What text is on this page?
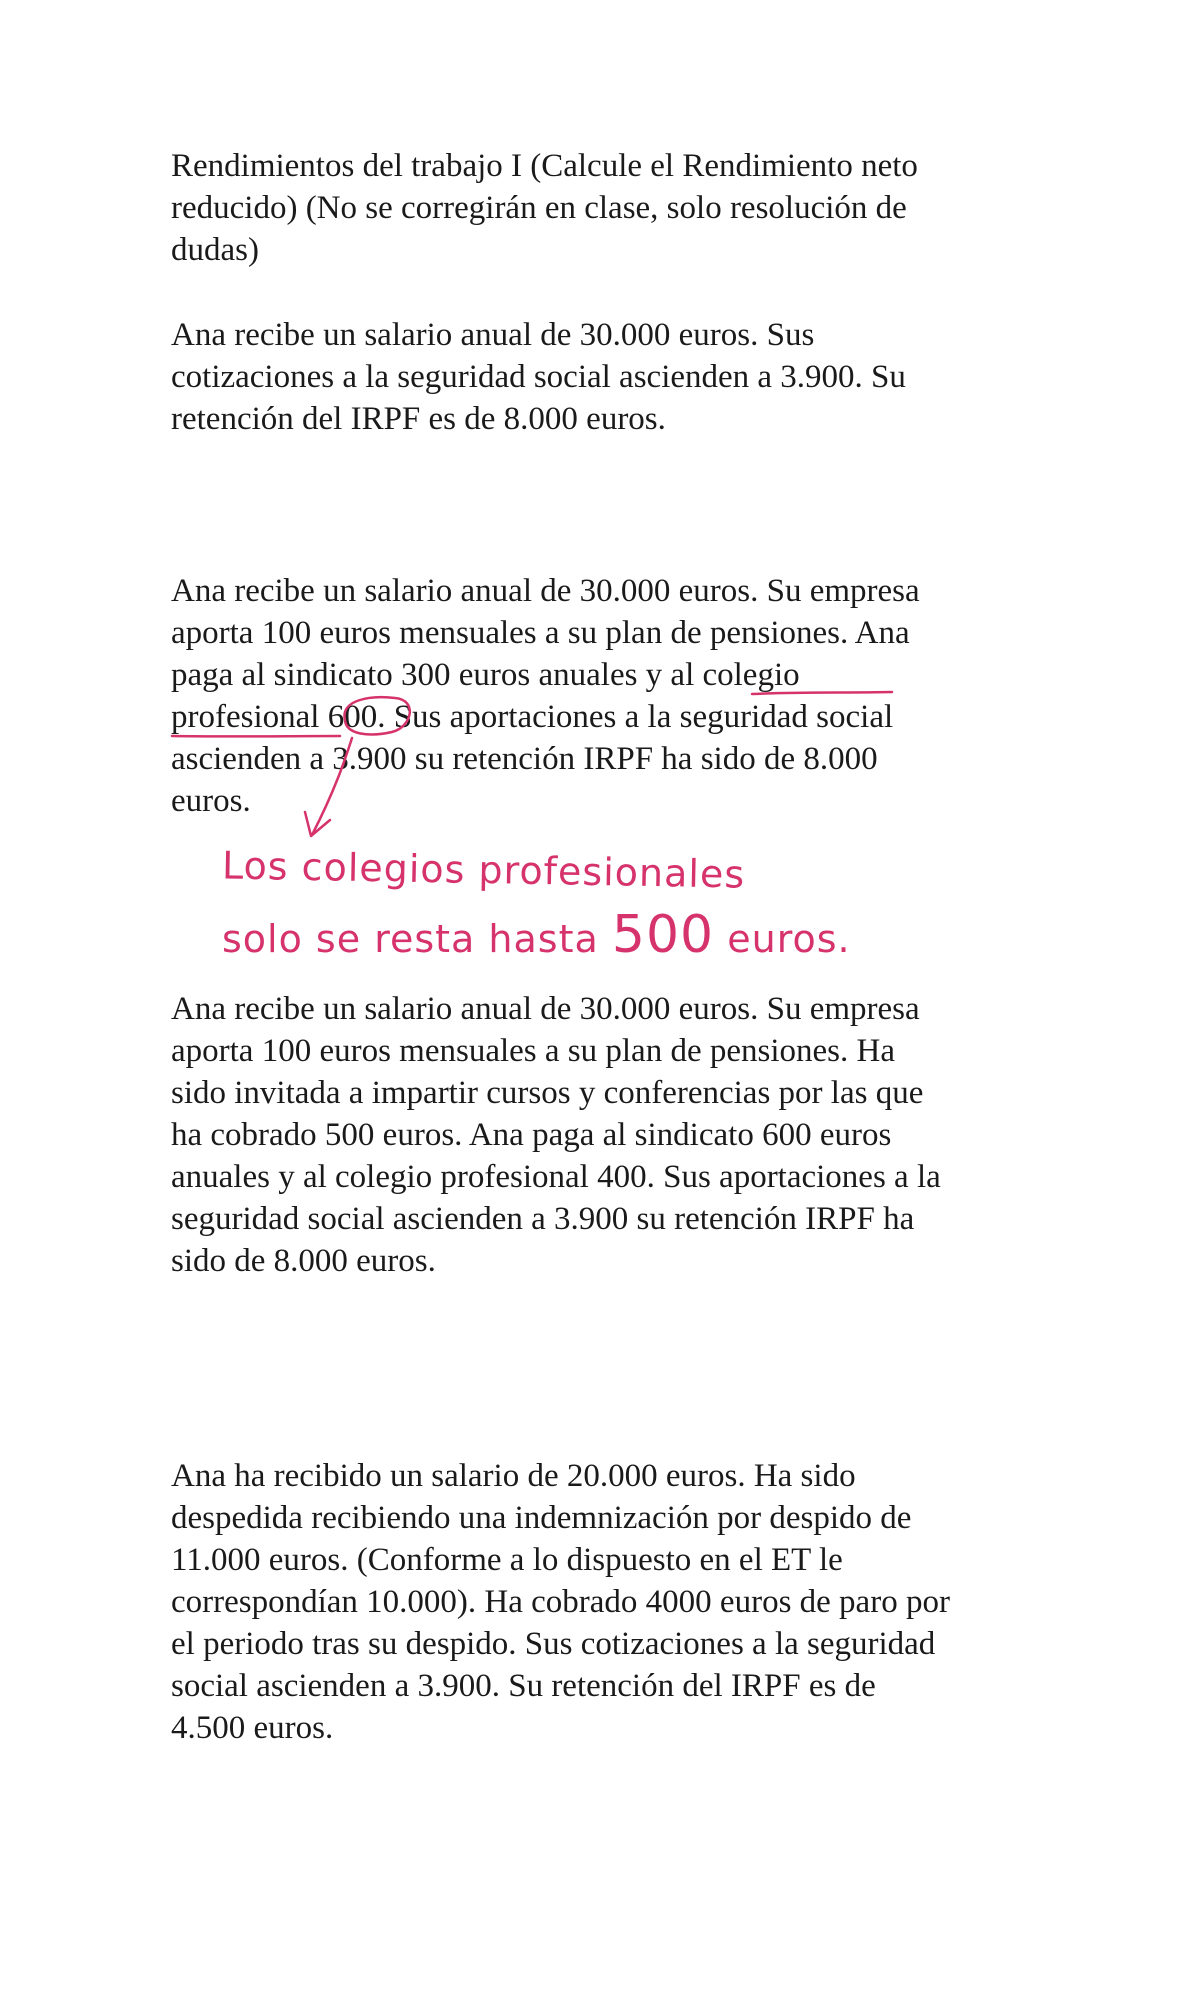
Rendimientos del trabajo I (Calcule el Rendimiento neto
reducido) (No se corregirán en clase, solo resolución de
dudas)
Ana recibe un salario anual de 30.000 euros. Sus
cotizaciones a la seguridad social ascienden a 3.900. Su
retención del IRPF es de 8.000 euros.
Ana recibe un salario anual de 30.000 euros. Su empresa
aporta 100 euros mensuales a su plan de pensiones. Ana
paga al sindicato 300 euros anuales y al colegio
profesional 600. Sus aportaciones a la seguridad social
ascienden a 3.900 su retención IRPF ha sido de 8.000
euros.
Los colegios profesionales
solo se resta hasta 500 euros.
Ana recibe un salario anual de 30.000 euros. Su empresa
aporta 100 euros mensuales a su plan de pensiones. Ha
sido invitada a impartir cursos y conferencias por las que
ha cobrado 500 euros. Ana paga al sindicato 600 euros
anuales y al colegio profesional 400. Sus aportaciones a la
seguridad social ascienden a 3.900 su retención IRPF ha
sido de 8.000 euros.
Ana ha recibido un salario de 20.000 euros. Ha sido
despedida recibiendo una indemnización por despido de
11.000 euros. (Conforme a lo dispuesto en el ET le
correspondían 10.000). Ha cobrado 4000 euros de paro por
el periodo tras su despido. Sus cotizaciones a la seguridad
social ascienden a 3.900. Su retención del IRPF es de
4.500 euros.
